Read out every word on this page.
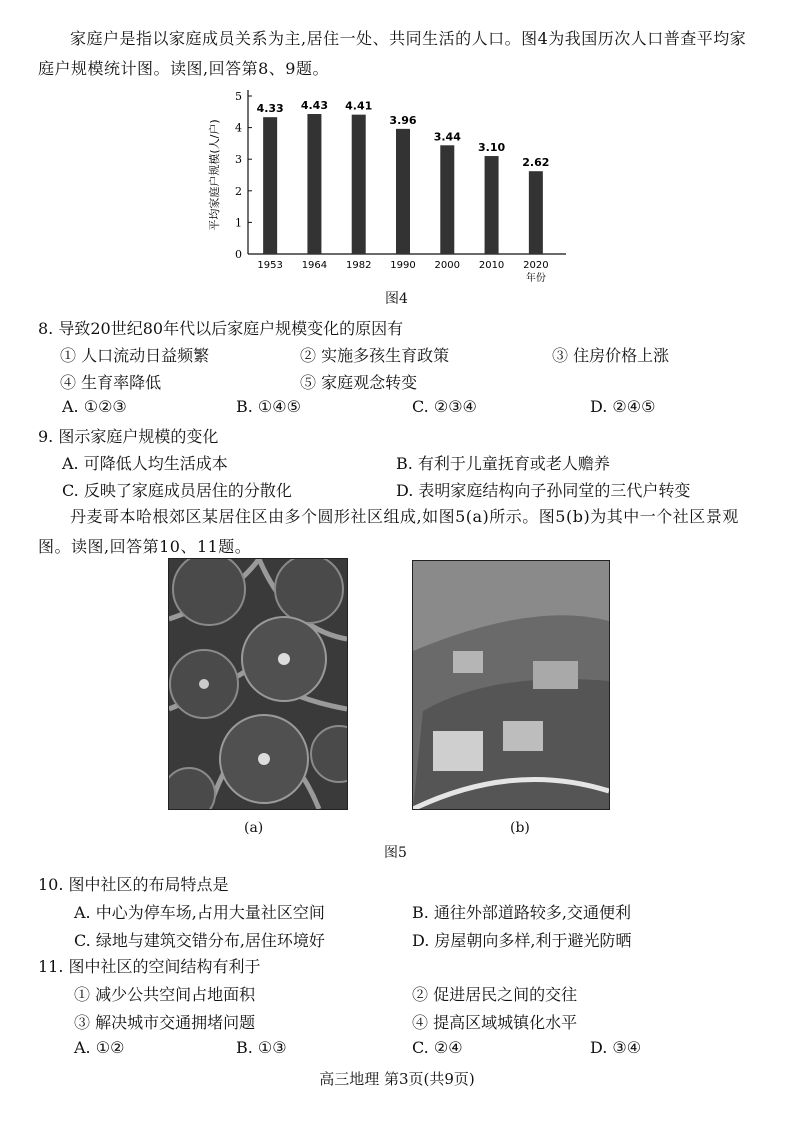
家庭户是指以家庭成员关系为主,居住一处、共同生活的人口。图4为我国历次人口普查平均家庭户规模统计图。读图,回答第8、9题。
0
1
2
3
4
5
平均家庭户规模(人/户)
4.33
1953
4.43
1964
4.41
1982
3.96
1990
3.44
2000
3.10
2010
2.62
2020
年份
图4
8. 导致20世纪80年代以后家庭户规模变化的原因有
① 人口流动日益频繁	② 实施多孩生育政策	③ 住房价格上涨
④ 生育率降低	⑤ 家庭观念转变
A. ①②③	B. ①④⑤	C. ②③④	D. ②④⑤
9. 图示家庭户规模的变化
A. 可降低人均生活成本	B. 有利于儿童抚育或老人赡养
C. 反映了家庭成员居住的分散化	D. 表明家庭结构向子孙同堂的三代户转变
丹麦哥本哈根郊区某居住区由多个圆形社区组成,如图5(a)所示。图5(b)为其中一个社区景观图。读图,回答第10、11题。
(a)	(b)
图5
10. 图中社区的布局特点是
A. 中心为停车场,占用大量社区空间	B. 通往外部道路较多,交通便利
C. 绿地与建筑交错分布,居住环境好	D. 房屋朝向多样,利于避光防晒
11. 图中社区的空间结构有利于
① 减少公共空间占地面积	② 促进居民之间的交往
③ 解决城市交通拥堵问题	④ 提高区域城镇化水平
A. ①②	B. ①③	C. ②④	D. ③④
高三地理 第3页(共9页)
